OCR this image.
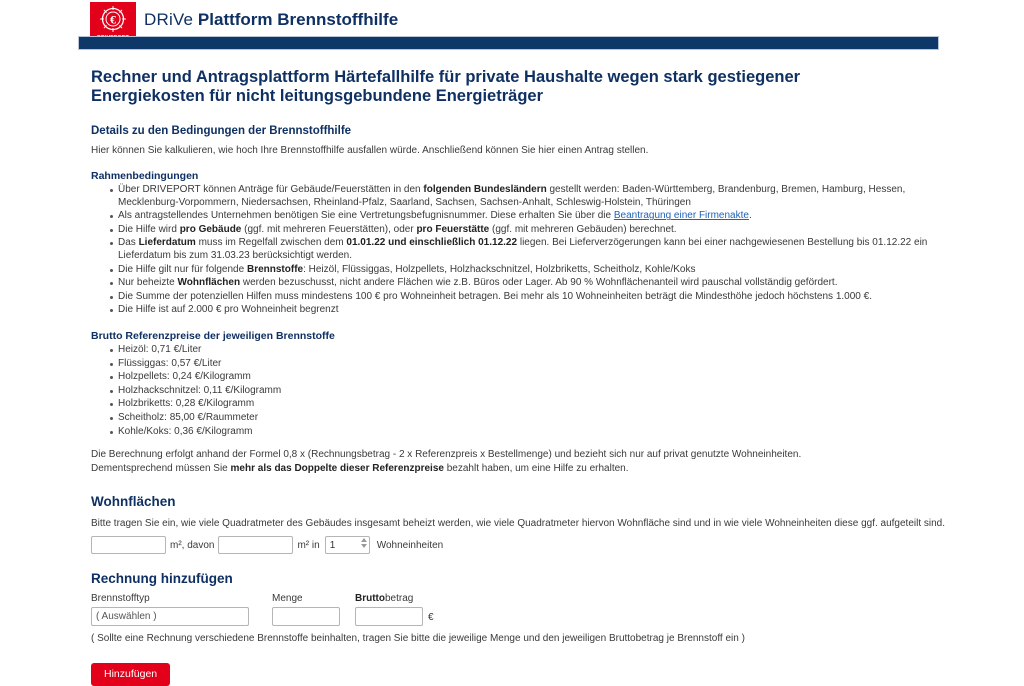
€ DRiVe Plattform Brennstoffhilfe
Rechner und Antragsplattform Härtefallhilfe für private Haushalte wegen stark gestiegener Energiekosten für nicht leitungsgebundene Energieträger
Details zu den Bedingungen der Brennstoffhilfe

Hier können Sie kalkulieren, wie hoch Ihre Brennstoffhilfe ausfallen würde. Anschließend können Sie hier einen Antrag stellen.

Rahmenbedingungen
Über DRIVEPORT können Anträge für Gebäude/Feuerstätten in den folgenden Bundesländern gestellt werden: Baden-Württemberg, Brandenburg, Bremen, Hamburg, Hessen, Mecklenburg-Vorpommern, Niedersachsen, Rheinland-Pfalz, Saarland, Sachsen, Sachsen-Anhalt, Schleswig-Holstein, Thüringen
Als antragstellendes Unternehmen benötigen Sie eine Vertretungsbefugnisnummer. Diese erhalten Sie über die Beantragung einer Firmenakte.
Die Hilfe wird pro Gebäude (ggf. mit mehreren Feuerstätten), oder pro Feuerstätte (ggf. mit mehreren Gebäuden) berechnet.
Das Lieferdatum muss im Regelfall zwischen dem 01.01.22 und einschließlich 01.12.22 liegen. Bei Lieferverzögerungen kann bei einer nachgewiesenen Bestellung bis 01.12.22 ein Lieferdatum bis zum 31.03.23 berücksichtigt werden.
Die Hilfe gilt nur für folgende Brennstoffe: Heizöl, Flüssiggas, Holzpellets, Holzhackschnitzel, Holzbriketts, Scheitholz, Kohle/Koks
Nur beheizte Wohnflächen werden bezuschusst, nicht andere Flächen wie z.B. Büros oder Lager. Ab 90 % Wohnflächenanteil wird pauschal vollständig gefördert.
Die Summe der potenziellen Hilfen muss mindestens 100 € pro Wohneinheit betragen. Bei mehr als 10 Wohneinheiten beträgt die Mindesthöhe jedoch höchstens 1.000 €.
Die Hilfe ist auf 2.000 € pro Wohneinheit begrenzt
Brutto Referenzpreise der jeweiligen Brennstoffe
Heizöl: 0,71 €/Liter
Flüssiggas: 0,57 €/Liter
Holzpellets: 0,24 €/Kilogramm
Holzhackschnitzel: 0,11 €/Kilogramm
Holzbriketts: 0,28 €/Kilogramm
Scheitholz: 85,00 €/Raummeter
Kohle/Koks: 0,36 €/Kilogramm

Die Berechnung erfolgt anhand der Formel 0,8 x (Rechnungsbetrag - 2 x Referenzpreis x Bestellmenge) und bezieht sich nur auf privat genutzte Wohneinheiten.
Dementsprechend müssen Sie mehr als das Doppelte dieser Referenzpreise bezahlt haben, um eine Hilfe zu erhalten.

Wohnflächen

Bitte tragen Sie ein, wie viele Quadratmeter des Gebäudes insgesamt beheizt werden, wie viele Quadratmeter hiervon Wohnfläche sind und in wie viele Wohneinheiten diese ggf. aufgeteilt sind.

m², davon	m² in
1	Wohneinheiten
Rechnung hinzufügen
Brennstofftyp
( Auswählen )	Menge	Bruttobetrag
€

( Sollte eine Rechnung verschiedene Brennstoffe beinhalten, tragen Sie bitte die jeweilige Menge und den jeweiligen Bruttobetrag je Brennstoff ein )

Hinzufügen
